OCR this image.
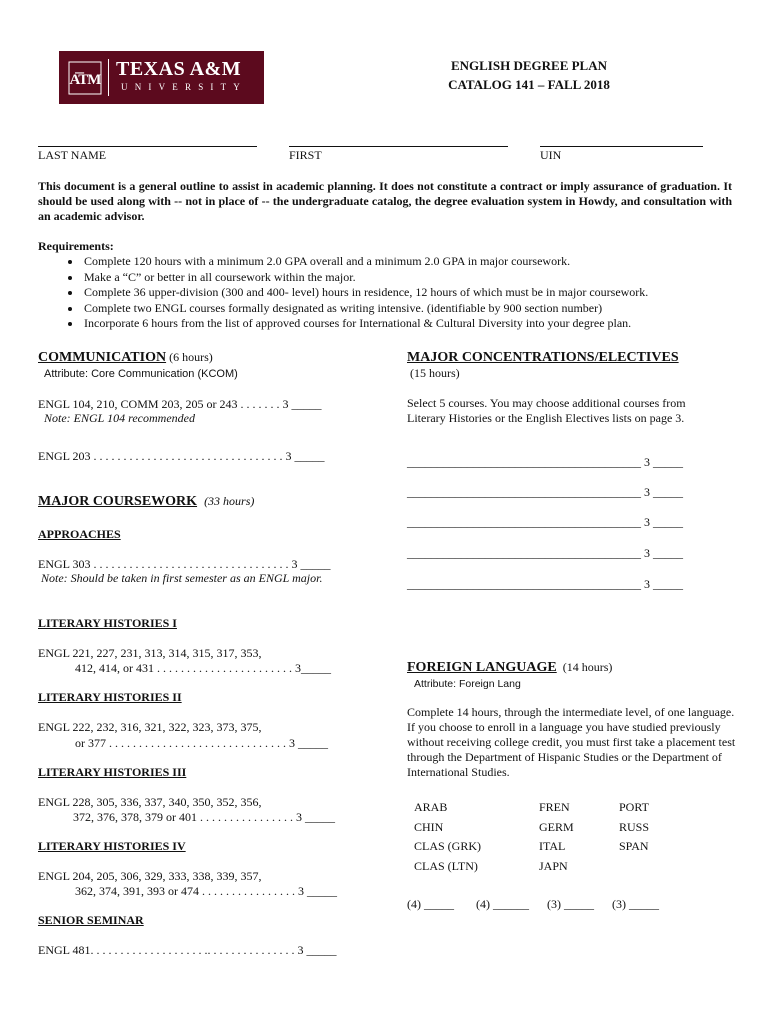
A͞TM TEXAS A&M
UNIVERSITY
ENGLISH DEGREE PLAN
CATALOG 141 – FALL 2018
LAST NAME	FIRST	UIN
This document is a general outline to assist in academic planning. It does not constitute a contract or imply assurance of graduation. It should be used along with -- not in place of -- the undergraduate catalog, the degree evaluation system in Howdy, and consultation with an academic advisor.
Requirements:
• Complete 120 hours with a minimum 2.0 GPA overall and a minimum 2.0 GPA in major coursework.
• Make a “C” or better in all coursework within the major.
• Complete 36 upper-division (300 and 400- level) hours in residence, 12 hours of which must be in major coursework.
• Complete two ENGL courses formally designated as writing intensive. (identifiable by 900 section number)
• Incorporate 6 hours from the list of approved courses for International & Cultural Diversity into your degree plan.
COMMUNICATION (6 hours)
Attribute: Core Communication (KCOM)
ENGL 104, 210, COMM 203, 205 or 243 . . . . . . . 3 _____
Note: ENGL 104 recommended
ENGL 203 . . . . . . . . . . . . . . . . . . . . . . . . . . . . . . . . 3 _____
MAJOR COURSEWORK (33 hours)
APPROACHES
ENGL 303 . . . . . . . . . . . . . . . . . . . . . . . . . . . . . . . . . 3 _____
Note: Should be taken in first semester as an ENGL major.
LITERARY HISTORIES I
ENGL 221, 227, 231, 313, 314, 315, 317, 353,
412, 414, or 431 . . . . . . . . . . . . . . . . . . . . . . . 3_____
LITERARY HISTORIES II
ENGL 222, 232, 316, 321, 322, 323, 373, 375,
or 377 . . . . . . . . . . . . . . . . . . . . . . . . . . . . . . 3 _____
LITERARY HISTORIES III
ENGL 228, 305, 336, 337, 340, 350, 352, 356,
372, 376, 378, 379 or 401 . . . . . . . . . . . . . . . . 3 _____
LITERARY HISTORIES IV
ENGL 204, 205, 306, 329, 333, 338, 339, 357,
362, 374, 391, 393 or 474 . . . . . . . . . . . . . . . . 3 _____
SENIOR SEMINAR
ENGL 481. . . . . . . . . . . . . . . . . . . .. . . . . . . . . . . . . . . 3 _____
MAJOR CONCENTRATIONS/ELECTIVES
(15 hours)
Select 5 courses. You may choose additional courses from Literary Histories or the English Electives lists on page 3.
_______________________________________ 3 _____
_______________________________________ 3 _____
_______________________________________ 3 _____
_______________________________________ 3 _____
_______________________________________ 3 _____
FOREIGN LANGUAGE (14 hours)
Attribute: Foreign Lang
Complete 14 hours, through the intermediate level, of one language. If you choose to enroll in a language you have studied previously without receiving college credit, you must first take a placement test through the Department of Hispanic Studies or the Department of International Studies.
ARAB
CHIN
CLAS (GRK)
CLAS (LTN)
FREN
GERM
ITAL
JAPN
PORT
RUSS
SPAN
(4) _____ (4) ______ (3) _____ (3) _____
